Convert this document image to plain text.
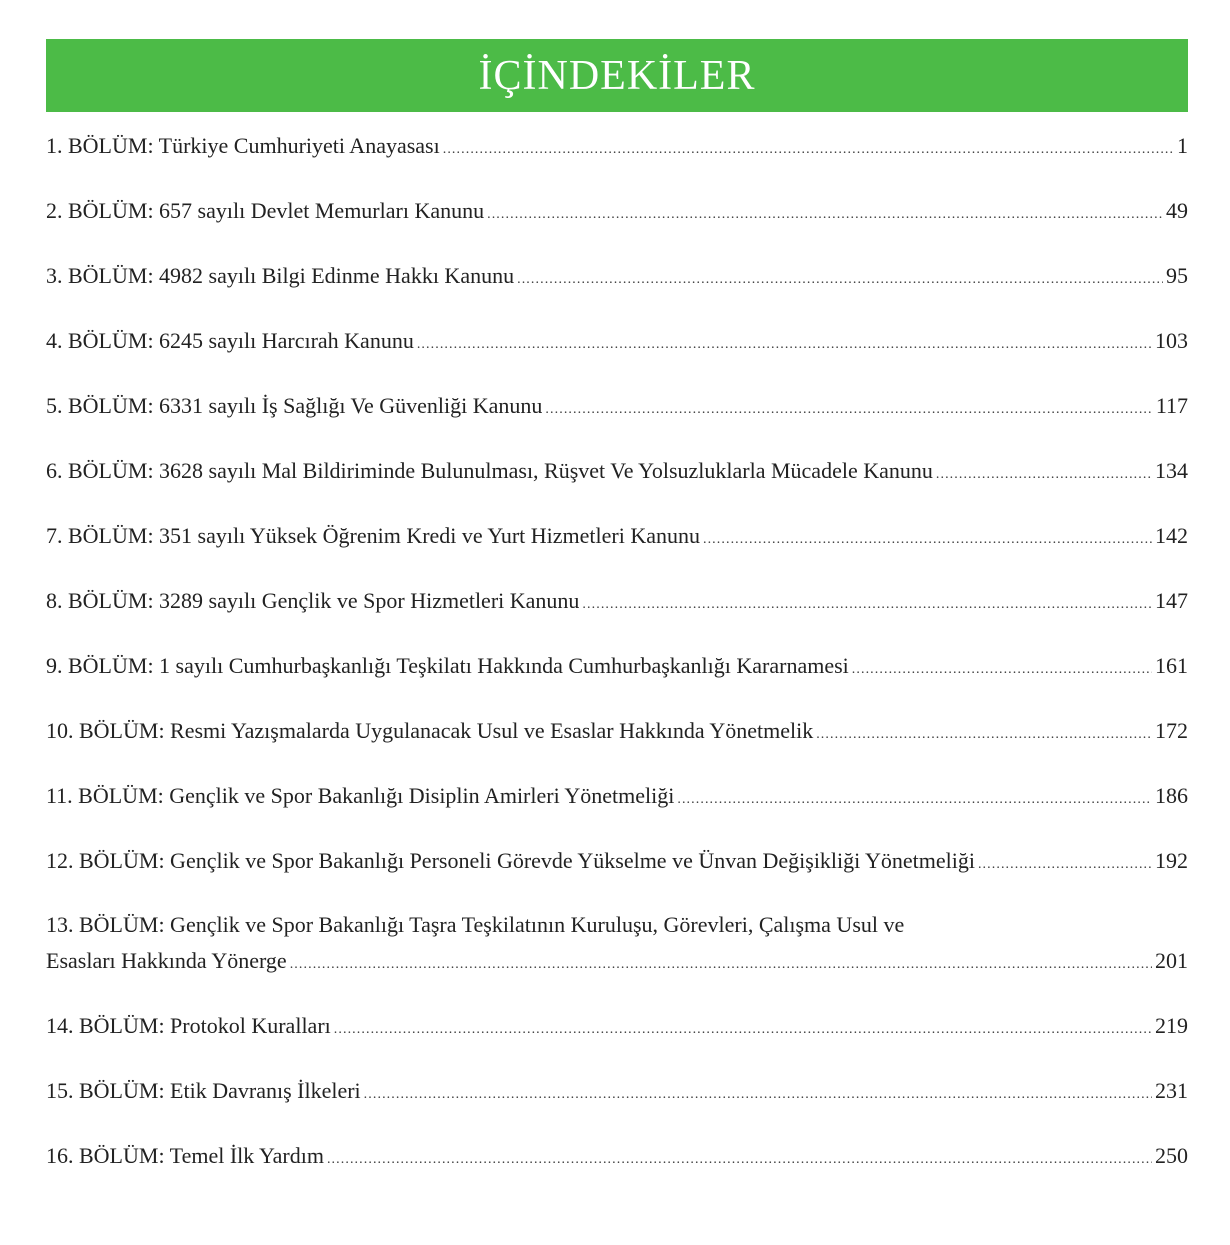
İÇİNDEKİLER
1. BÖLÜM: Türkiye Cumhuriyeti Anayasası . . .	1
2. BÖLÜM: 657 sayılı Devlet Memurları Kanunu . . .	49
3. BÖLÜM: 4982 sayılı Bilgi Edinme Hakkı Kanunu . . .	95
4. BÖLÜM: 6245 sayılı Harcırah Kanunu . . .	103
5. BÖLÜM: 6331 sayılı İş Sağlığı Ve Güvenliği Kanunu . . .	117
6. BÖLÜM: 3628 sayılı Mal Bildiriminde Bulunulması, Rüşvet Ve Yolsuzluklarla Mücadele Kanunu . . .	134
7. BÖLÜM: 351 sayılı Yüksek Öğrenim Kredi ve Yurt Hizmetleri Kanunu . . .	142
8. BÖLÜM: 3289 sayılı Gençlik ve Spor Hizmetleri Kanunu . . .	147
9. BÖLÜM: 1 sayılı Cumhurbaşkanlığı Teşkilatı Hakkında Cumhurbaşkanlığı Kararnamesi . . .	161
10. BÖLÜM: Resmi Yazışmalarda Uygulanacak Usul ve Esaslar Hakkında Yönetmelik . . .	172
11. BÖLÜM: Gençlik ve Spor Bakanlığı Disiplin Amirleri Yönetmeliği . . .	186
12. BÖLÜM: Gençlik ve Spor Bakanlığı Personeli Görevde Yükselme ve Ünvan Değişikliği Yönetmeliği . . .	192
13. BÖLÜM: Gençlik ve Spor Bakanlığı Taşra Teşkilatının Kuruluşu, Görevleri, Çalışma Usul ve
Esasları Hakkında Yönerge . . .	201
14. BÖLÜM: Protokol Kuralları . . .	219
15. BÖLÜM: Etik Davranış İlkeleri . . .	231
16. BÖLÜM: Temel İlk Yardım . . .	250
